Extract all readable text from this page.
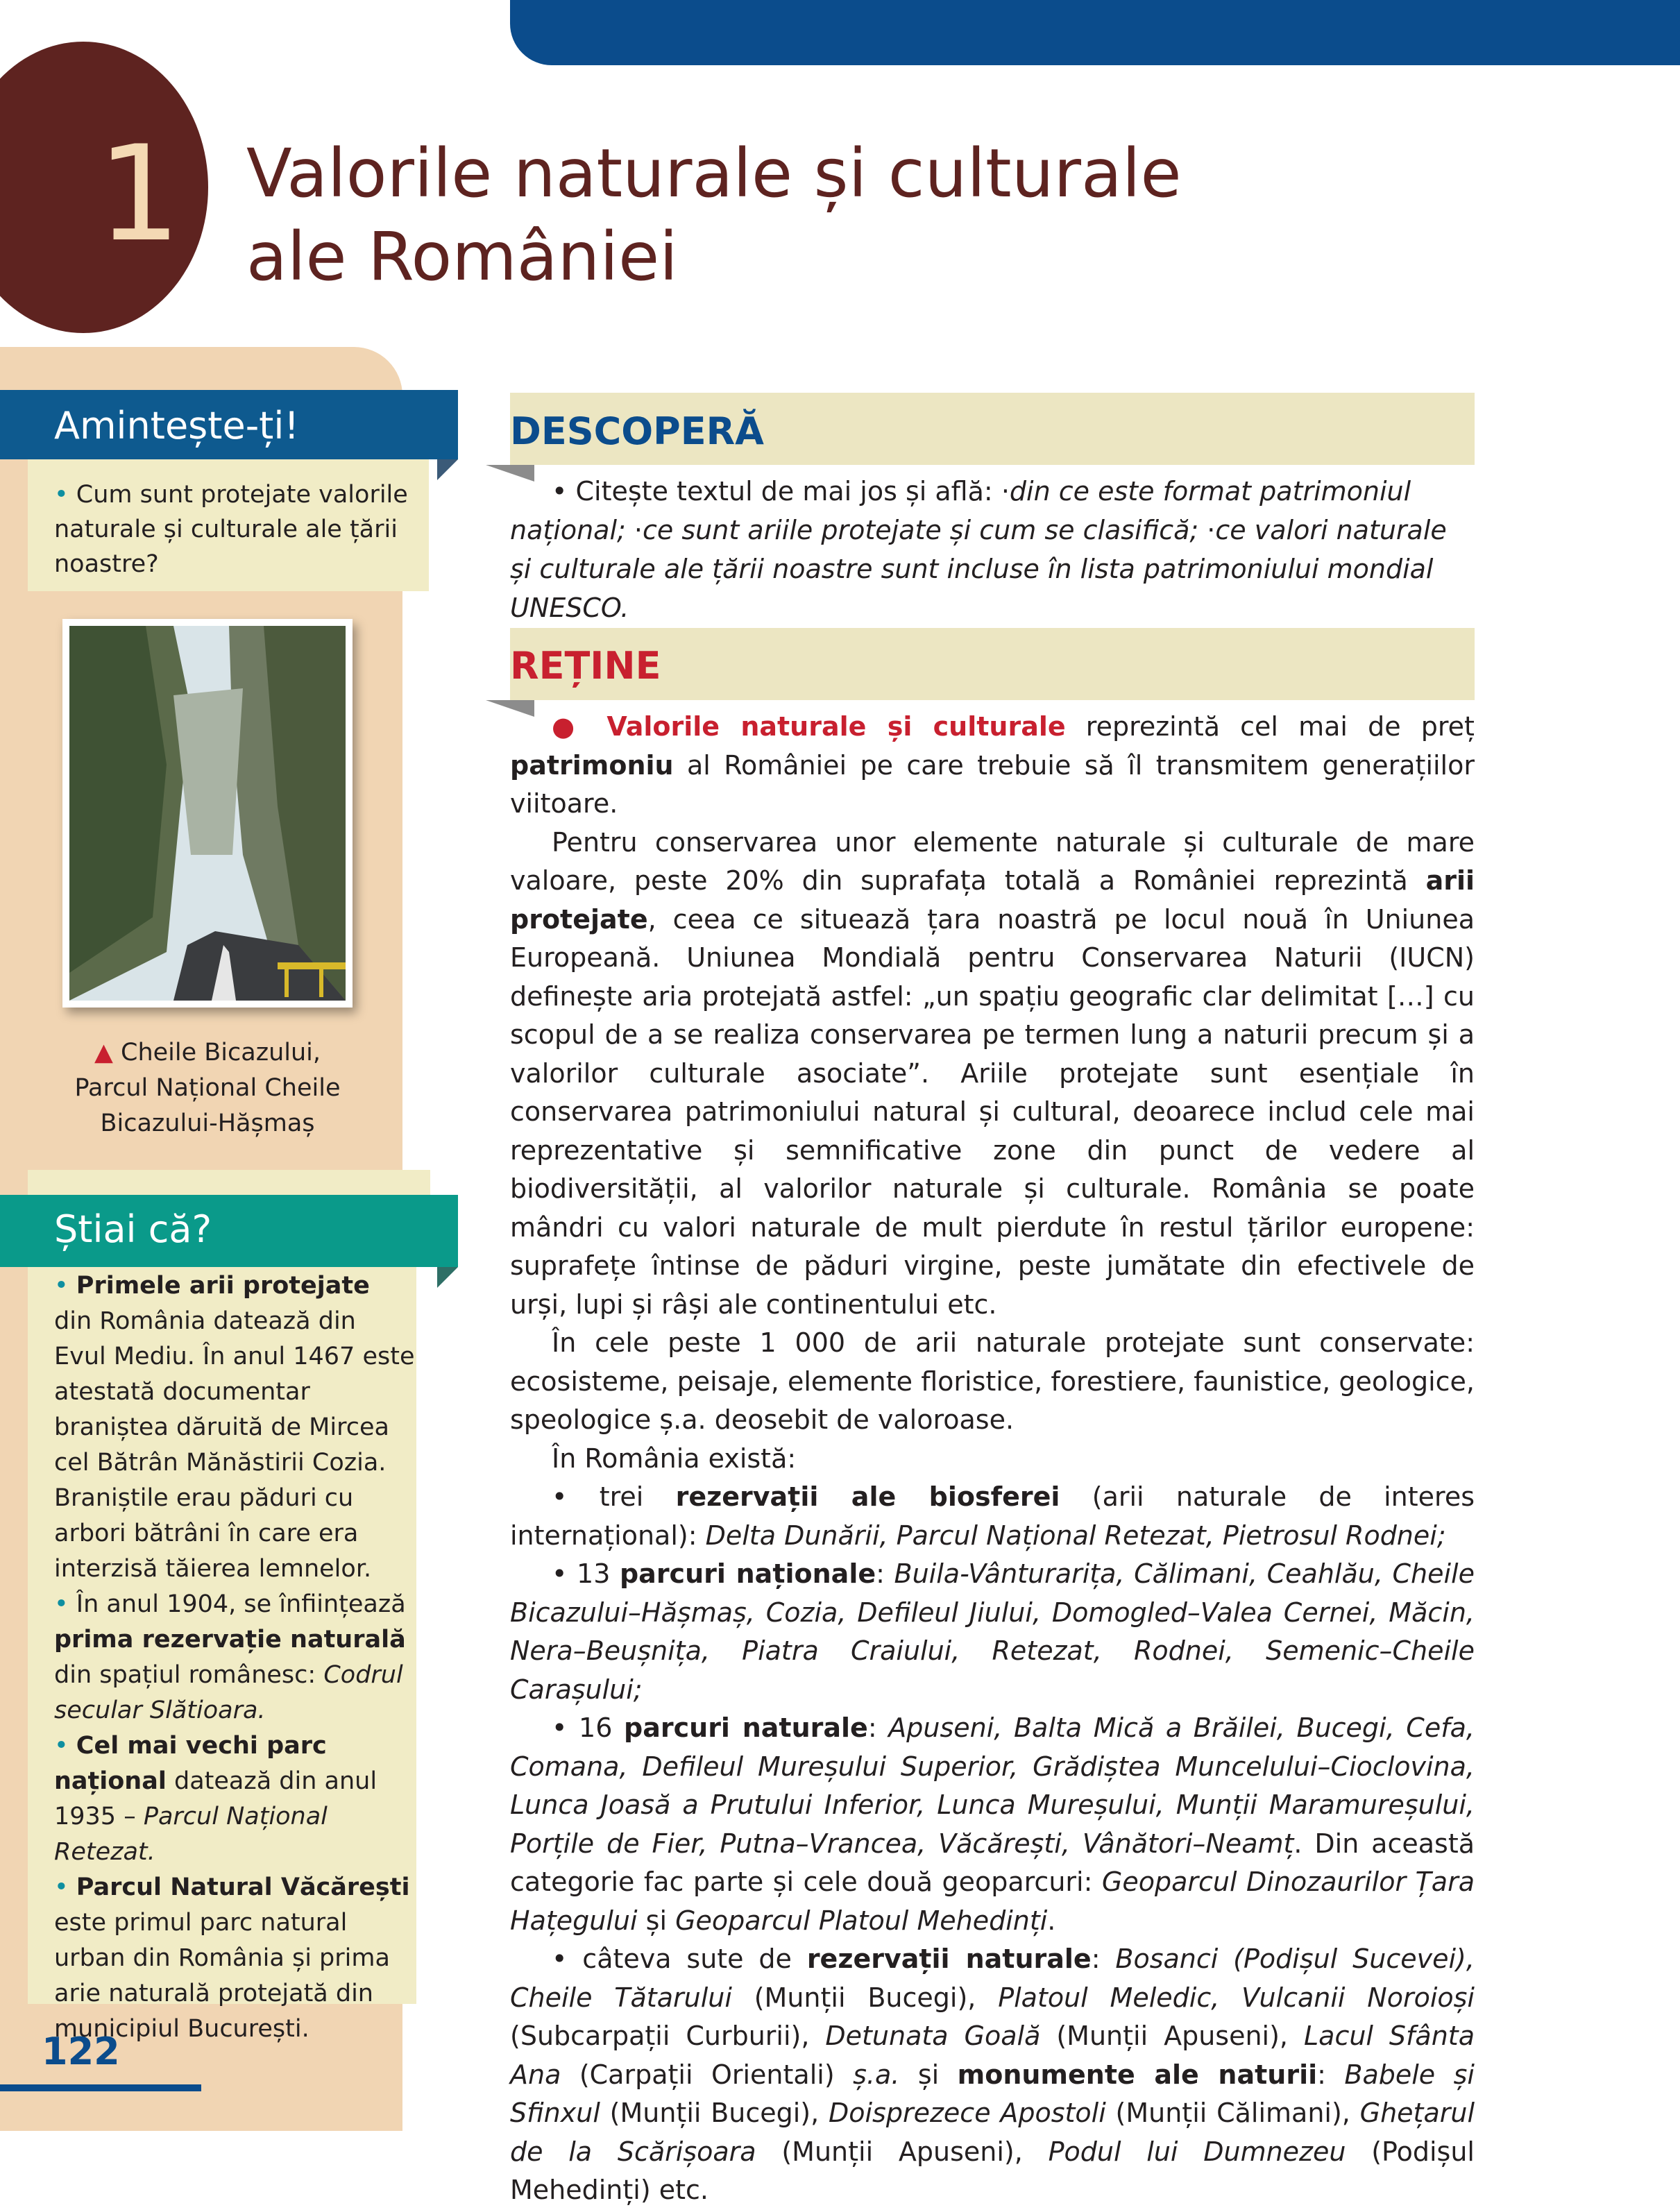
1 Valorile naturale și culturale
ale României
Amintește-ți!
• Cum sunt protejate valorile naturale și culturale ale țării noastre?
▲ Cheile Bicazului,
Parcul Național Cheile
Bicazului-Hășmaș
Știai că?
• Primele arii protejate din România datează din Evul Mediu. În anul 1467 este atestată documentar braniștea dăruită de Mircea cel Bătrân Mănăstirii Cozia. Braniștile erau păduri cu arbori bătrâni în care era interzisă tăierea lemnelor.
• În anul 1904, se înființează prima rezervație naturală din spațiul românesc: Codrul secular Slătioara.
• Cel mai vechi parc național datează din anul 1935 – Parcul Național Retezat.
• Parcul Natural Văcărești este primul parc natural urban din România și prima arie naturală protejată din municipiul București.
122
DESCOPERĂ
• Citește textul de mai jos și află: ·din ce este format patrimoniul național; ·ce sunt ariile protejate și cum se clasifică; ·ce valori naturale și culturale ale țării noastre sunt incluse în lista patrimoniului mondial UNESCO.
REȚINE

● Valorile naturale și culturale reprezintă cel mai de preț patrimoniu al României pe care trebuie să îl transmitem generațiilor viitoare.

Pentru conservarea unor elemente naturale și culturale de mare valoare, peste 20% din suprafața totală a României reprezintă arii protejate, ceea ce situează țara noastră pe locul nouă în Uniunea Europeană. Uniunea Mondială pentru Conservarea Naturii (IUCN) definește aria protejată astfel: „un spațiu geografic clar delimitat […] cu scopul de a se realiza conservarea pe termen lung a naturii precum și a valorilor culturale asociate”. Ariile protejate sunt esențiale în conservarea patrimoniului natural și cultural, deoarece includ cele mai reprezentative și semnificative zone din punct de vedere al biodiversității, al valorilor naturale și culturale. România se poate mândri cu valori naturale de mult pierdute în restul țărilor europene: suprafețe întinse de păduri virgine, peste jumătate din efectivele de urși, lupi și râși ale continentului etc.

În cele peste 1 000 de arii naturale protejate sunt conservate: ecosisteme, peisaje, elemente floristice, forestiere, faunistice, geologice, speologice ș.a. deosebit de valoroase.

În România există:

• trei rezervații ale biosferei (arii naturale de interes internațional): Delta Dunării, Parcul Național Retezat, Pietrosul Rodnei;

• 13 parcuri naționale: Buila-Vânturarița, Călimani, Ceahlău, Cheile Bicazului–Hășmaș, Cozia, Defileul Jiului, Domogled–Valea Cernei, Măcin, Nera–Beușnița, Piatra Craiului, Retezat, Rodnei, Semenic–Cheile Carașului;

• 16 parcuri naturale: Apuseni, Balta Mică a Brăilei, Bucegi, Cefa, Comana, Defileul Mureșului Superior, Grădiștea Muncelului–Cioclovina, Lunca Joasă a Prutului Inferior, Lunca Mureșului, Munții Maramureșului, Porțile de Fier, Putna–Vrancea, Văcărești, Vânători–Neamț. Din această categorie fac parte și cele două geoparcuri: Geoparcul Dinozaurilor Țara Hațegului și Geoparcul Platoul Mehedinți.

• câteva sute de rezervații naturale: Bosanci (Podișul Sucevei), Cheile Tătarului (Munții Bucegi), Platoul Meledic, Vulcanii Noroioși (Subcarpații Curburii), Detunata Goală (Munții Apuseni), Lacul Sfânta Ana (Carpații Orientali) ș.a. și monumente ale naturii: Babele și Sfinxul (Munții Bucegi), Doisprezece Apostoli (Munții Călimani), Ghețarul de la Scărișoara (Munții Apuseni), Podul lui Dumnezeu (Podișul Mehedinți) etc.
